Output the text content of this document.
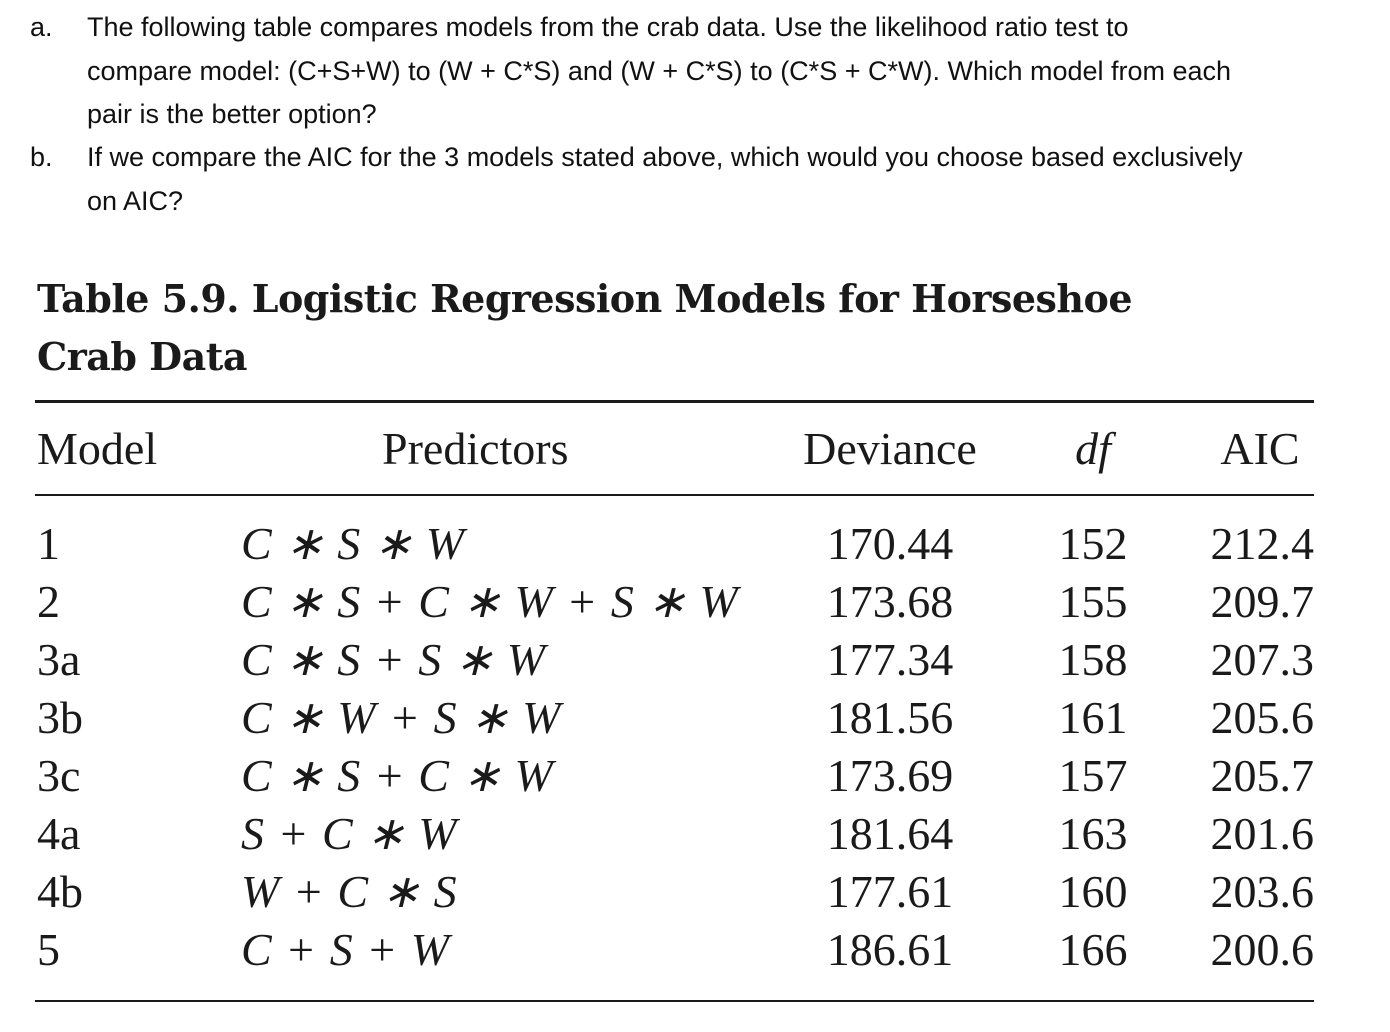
a. The following table compares models from the crab data. Use the likelihood ratio test to
compare model: (C+S+W) to (W + C*S) and (W + C*S) to (C*S + C*W). Which model from each
pair is the better option?
b. If we compare the AIC for the 3 models stated above, which would you choose based exclusively
on AIC?
Table 5.9. Logistic Regression Models for Horseshoe
Crab Data
Model	Predictors	Deviance	df	AIC
1	C ∗ S ∗ W	170.44	152	212.4
2	C ∗ S + C ∗ W + S ∗ W	173.68	155	209.7
3a	C ∗ S + S ∗ W	177.34	158	207.3
3b	C ∗ W + S ∗ W	181.56	161	205.6
3c	C ∗ S + C ∗ W	173.69	157	205.7
4a	S + C ∗ W	181.64	163	201.6
4b	W + C ∗ S	177.61	160	203.6
5	C + S + W	186.61	166	200.6
